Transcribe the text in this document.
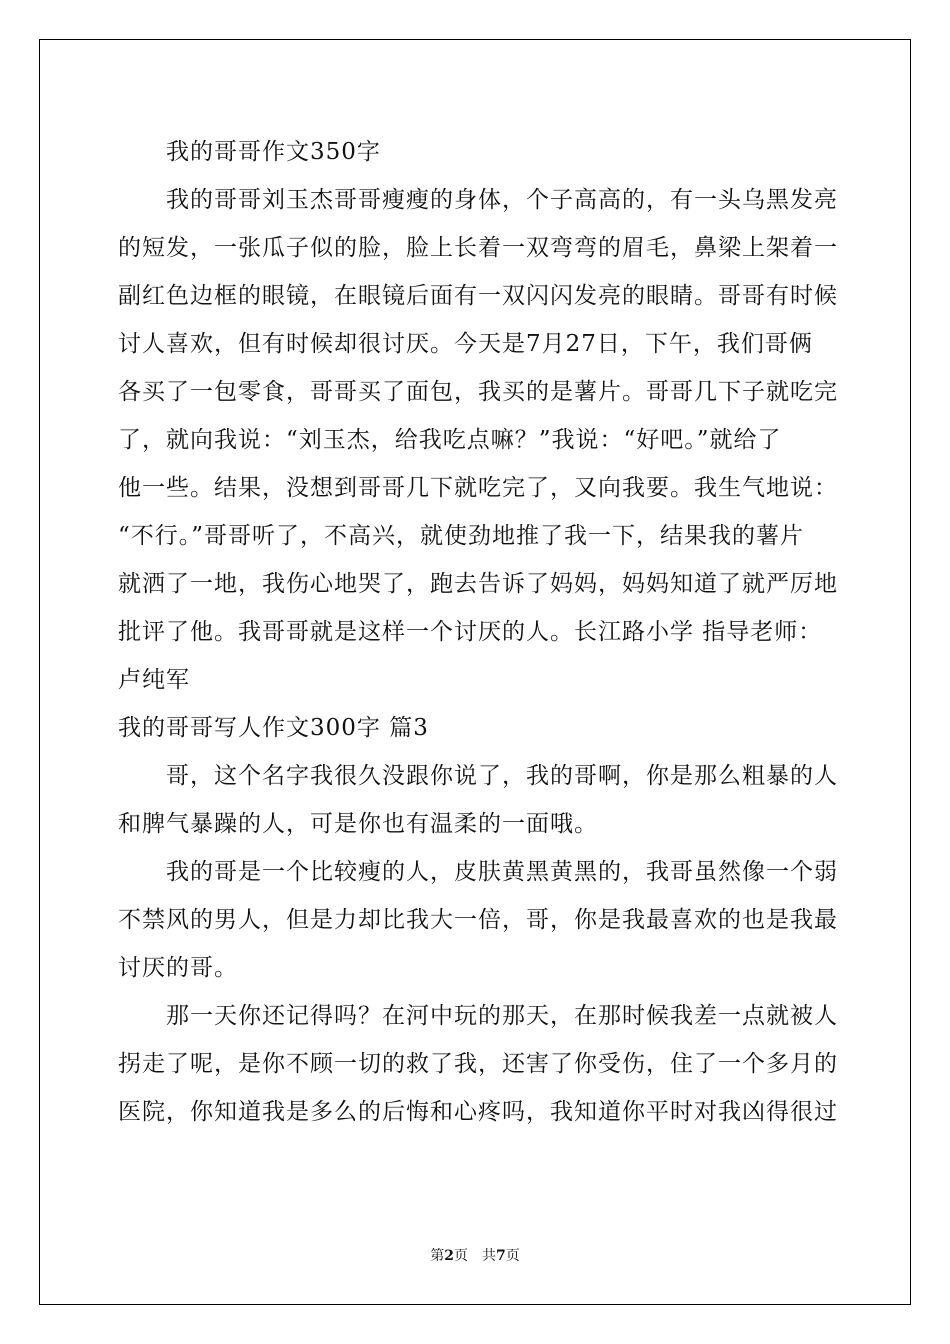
我的哥哥作文350字
我的哥哥刘玉杰哥哥瘦瘦的身体，个子高高的，有一头乌黑发亮
的短发，一张瓜子似的脸，脸上长着一双弯弯的眉毛，鼻梁上架着一
副红色边框的眼镜，在眼镜后面有一双闪闪发亮的眼睛。哥哥有时候
讨人喜欢，但有时候却很讨厌。今天是7月27日，下午，我们哥俩
各买了一包零食，哥哥买了面包，我买的是薯片。哥哥几下子就吃完
了，就向我说：“刘玉杰，给我吃点嘛？”我说：“好吧。”就给了
他一些。结果，没想到哥哥几下就吃完了，又向我要。我生气地说：
“不行。”哥哥听了，不高兴，就使劲地推了我一下，结果我的薯片
就洒了一地，我伤心地哭了，跑去告诉了妈妈，妈妈知道了就严厉地
批评了他。我哥哥就是这样一个讨厌的人。长江路小学 指导老师：
卢纯军
我的哥哥写人作文300字 篇3
哥，这个名字我很久没跟你说了，我的哥啊，你是那么粗暴的人
和脾气暴躁的人，可是你也有温柔的一面哦。
我的哥是一个比较瘦的人，皮肤黄黑黄黑的，我哥虽然像一个弱
不禁风的男人，但是力却比我大一倍，哥，你是我最喜欢的也是我最
讨厌的哥。
那一天你还记得吗？在河中玩的那天，在那时候我差一点就被人
拐走了呢，是你不顾一切的救了我，还害了你受伤，住了一个多月的
医院，你知道我是多么的后悔和心疼吗，我知道你平时对我凶得很过
第2页　共7页
